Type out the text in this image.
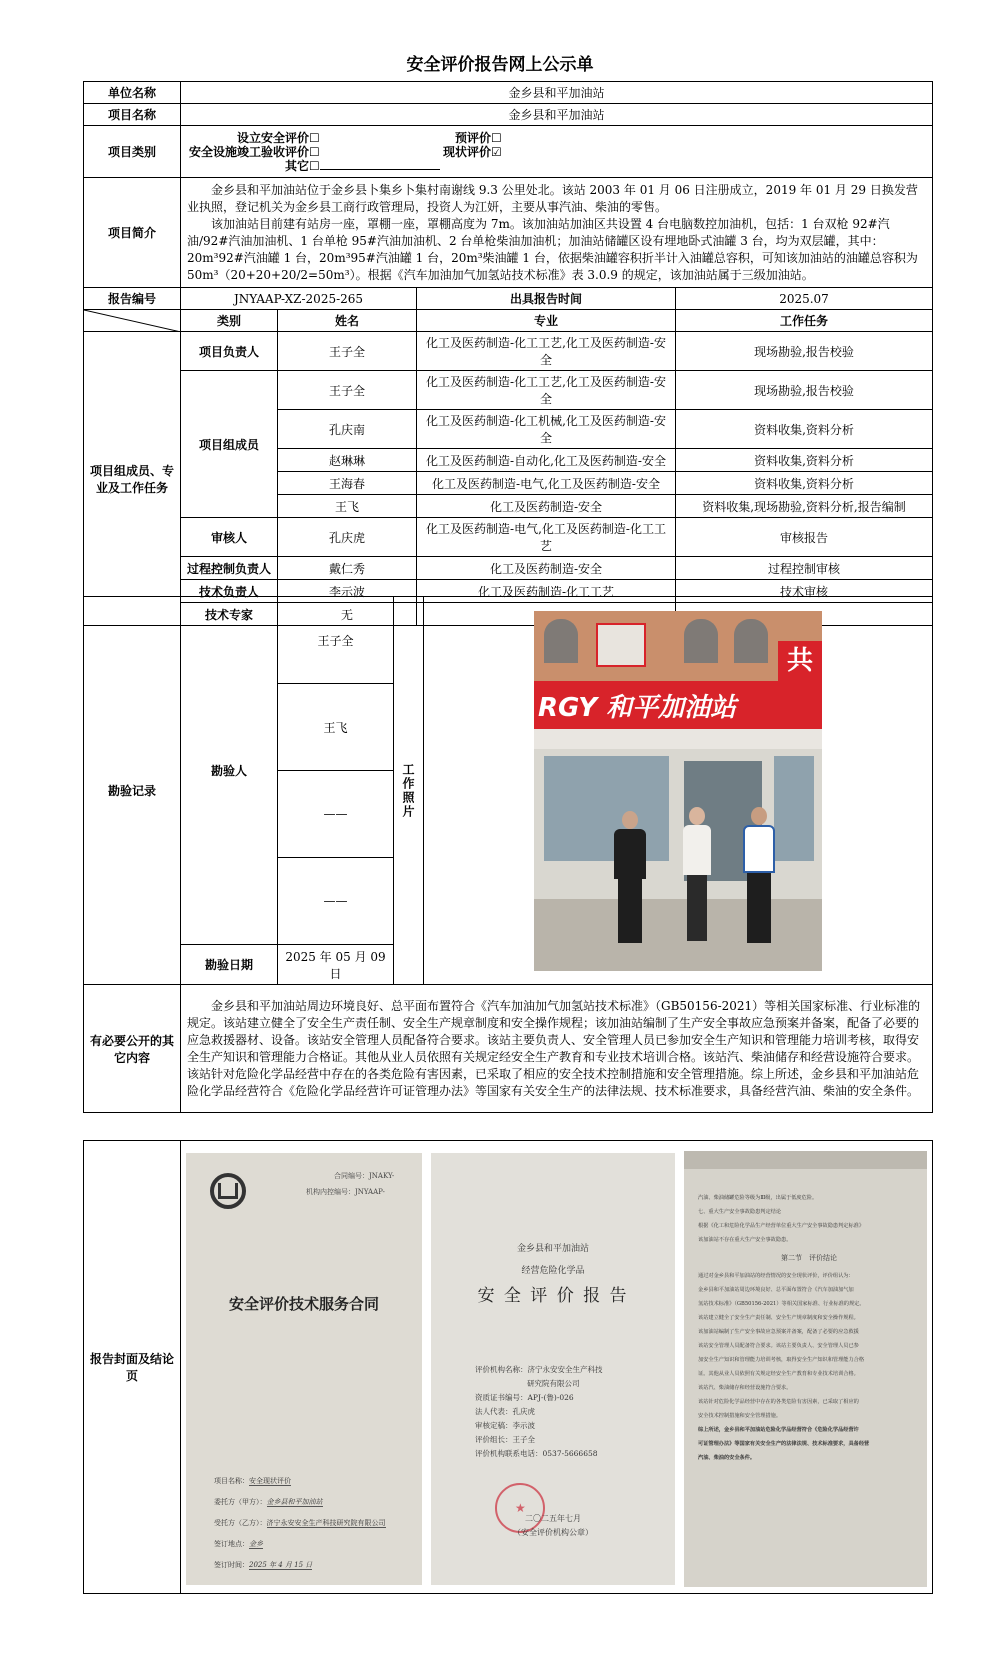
安全评价报告网上公示单
单位名称	金乡县和平加油站			
项目名称	金乡县和平加油站			
项目类别	设立安全评价☐ 预评价☐
安全设施竣工验收评价☐ 现状评价☑
其它☐			

项目简介	金乡县和平加油站位于金乡县卜集乡卜集村南谢线 9.3 公里处北。该站 2003 年 01 月 06 日注册成立，2019 年 01 月 29 日换发营业执照，登记机关为金乡县工商行政管理局，投资人为江妍，主要从事汽油、柴油的零售。

该加油站目前建有站房一座，罩棚一座，罩棚高度为 7m。该加油站加油区共设置 4 台电脑数控加油机，包括：1 台双枪 92#汽油/92#汽油加油机、1 台单枪 95#汽油加油机、2 台单枪柴油加油机；加油站储罐区设有埋地卧式油罐 3 台，均为双层罐，其中：20m³92#汽油罐 1 台，20m³95#汽油罐 1 台，20m³柴油罐 1 台，依据柴油罐容积折半计入油罐总容积，可知该加油站的油罐总容积为 50m³（20+20+20/2=50m³）。根据《汽车加油加气加氢站技术标准》表 3.0.9 的规定，该加油站属于三级加油站。			

报告编号	JNYAAP-XZ-2025-265		出具报告时间	2025.07

	类别	姓名	专业	工作任务
项目组成员、专业及工作任务	项目负责人	王子全	化工及医药制造-化工工艺,化工及医药制造-安全	现场勘验,报告校验
	项目组成员	王子全	化工及医药制造-化工工艺,化工及医药制造-安全	现场勘验,报告校验
		孔庆南	化工及医药制造-化工机械,化工及医药制造-安全	资料收集,资料分析
		赵琳琳	化工及医药制造-自动化,化工及医药制造-安全	资料收集,资料分析
		王海春	化工及医药制造-电气,化工及医药制造-安全	资料收集,资料分析
		王飞	化工及医药制造-安全	资料收集,现场勘验,资料分析,报告编制
	审核人	孔庆虎	化工及医药制造-电气,化工及医药制造-化工工艺	审核报告
	过程控制负责人	戴仁秀	化工及医药制造-安全	过程控制审核
	技术负责人	李示波	化工及医药制造-化工工艺	技术审核
	技术专家	无		
勘验记录	勘验人	王子全	工作照片	共
RGY 和平加油站

		王飞		
		——		
		——		
	勘验日期	2025 年 05 月 09 日		
有必要公开的其它内容	金乡县和平加油站周边环境良好、总平面布置符合《汽车加油加气加氢站技术标准》（GB50156-2021）等相关国家标准、行业标准的规定。该站建立健全了安全生产责任制、安全生产规章制度和安全操作规程；该加油站编制了生产安全事故应急预案并备案，配备了必要的应急救援器材、设备。该站安全管理人员配备符合要求。该站主要负责人、安全管理人员已参加安全生产知识和管理能力培训考核，取得安全生产知识和管理能力合格证。其他从业人员依照有关规定经安全生产教育和专业技术培训合格。该站汽、柴油储存和经营设施符合要求。该站针对危险化学品经营中存在的各类危险有害因素，已采取了相应的安全技术控制措施和安全管理措施。综上所述，金乡县和平加油站危险化学品经营符合《危险化学品经营许可证管理办法》等国家有关安全生产的法律法规、技术标准要求，具备经营汽油、柴油的安全条件。			

报告封面及结论页	
合同编号：JNAKY-
机构内控编号：JNYAAP-
安全评价技术服务合同
项目名称：安全现状评价
委托方（甲方）：金乡县和平加油站
受托方（乙方）：济宁永安安全生产科技研究院有限公司
签订地点：金乡
签订时间：2025 年 4 月 15 日
金乡县和平加油站
经营危险化学品
安 全 评 价 报 告
评价机构名称：济宁永安安全生产科技
研究院有限公司
资质证书编号：APJ-(鲁)-026
法人代表：孔庆虎
审核定稿：李示波
评价组长：王子全
评价机构联系电话：0537-5666658
★
二〇二五年七月
（安全评价机构公章）
汽油、柴油储罐危险等级为Ⅲ级，出属于低度危险。
七、重大生产安全事故隐患判定结论
根据《化工和危险化学品生产经营单位重大生产安全事故隐患判定标准》
该加油站不存在重大生产安全事故隐患。
第二节　评价结论
通过对金乡县和平加油站的经营情况的安全现状评价，评价组认为：
金乡县和平加油站周边环境良好、总平面布置符合《汽车加油加气加
氢站技术标准》（GB50156-2021）等相关国家标准、行业标准的规定。
该站建立健全了安全生产责任制、安全生产规章制度和安全操作规程。
该加油站编制了生产安全事故应急预案并备案，配备了必要的应急救援
该站安全管理人员配备符合要求。该站主要负责人、安全管理人员已参
加安全生产知识和管理能力培训考核，取得安全生产知识和管理能力合格
证。其他从业人员依照有关规定经安全生产教育和专业技术培训合格。
该站汽、柴油储存和经营设施符合要求。
该站针对危险化学品经营中存在的各类危险有害因素，已采取了相应的
安全技术控制措施和安全管理措施。
综上所述，金乡县和平加油站危险化学品经营符合《危险化学品经营许
可证管理办法》等国家有关安全生产的法律法规、技术标准要求，具备经营
汽油、柴油的安全条件。
